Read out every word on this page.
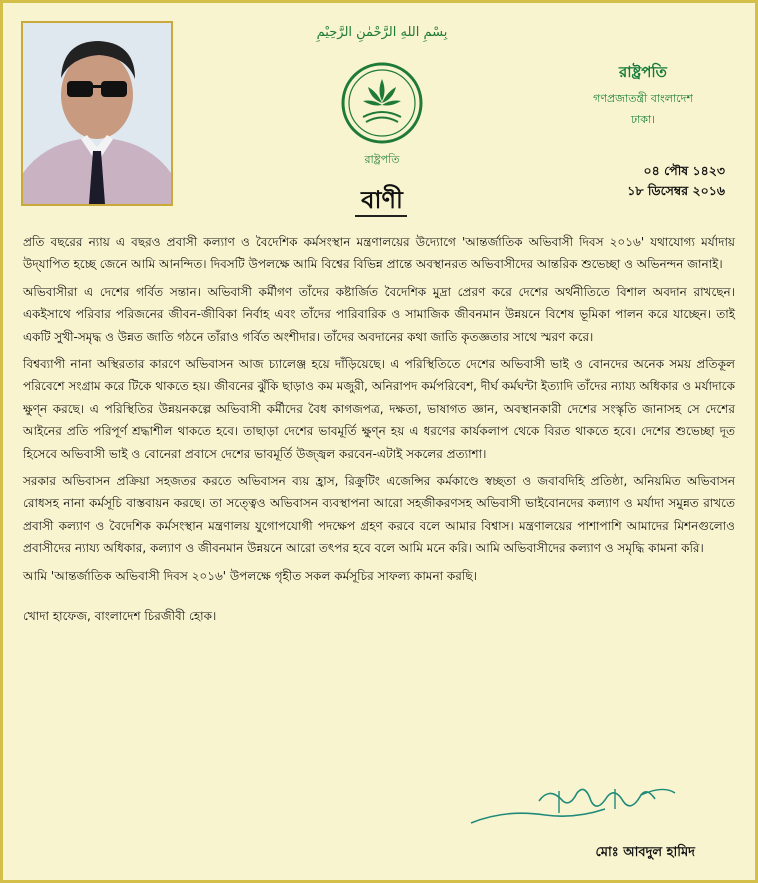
بِسْمِ اللهِ الرَّحْمٰنِ الرَّحِيْمِ
রাষ্ট্রপতি
রাষ্ট্রপতি
গণপ্রজাতন্ত্রী বাংলাদেশ
ঢাকা।
০৪ পৌষ ১৪২৩
১৮ ডিসেম্বর ২০১৬
বাণী

প্রতি বছরের ন্যায় এ বছরও প্রবাসী কল্যাণ ও বৈদেশিক কর্মসংস্থান মন্ত্রণালয়ের উদ্যোগে 'আন্তর্জাতিক অভিবাসী দিবস ২০১৬' যথাযোগ্য মর্যাদায় উদ্‌যাপিত হচ্ছে জেনে আমি আনন্দিত। দিবসটি উপলক্ষে আমি বিশ্বের বিভিন্ন প্রান্তে অবস্থানরত অভিবাসীদের আন্তরিক শুভেচ্ছা ও অভিনন্দন জানাই।

অভিবাসীরা এ দেশের গর্বিত সন্তান। অভিবাসী কর্মীগণ তাঁদের কষ্টার্জিত বৈদেশিক মুদ্রা প্রেরণ করে দেশের অর্থনীতিতে বিশাল অবদান রাখছেন। একইসাথে পরিবার পরিজনের জীবন-জীবিকা নির্বাহ এবং তাঁদের পারিবারিক ও সামাজিক জীবনমান উন্নয়নে বিশেষ ভূমিকা পালন করে যাচ্ছেন। তাই একটি সুখী-সমৃদ্ধ ও উন্নত জাতি গঠনে তাঁরাও গর্বিত অংশীদার। তাঁদের অবদানের কথা জাতি কৃতজ্ঞতার সাথে স্মরণ করে।

বিশ্বব্যাপী নানা অস্থিরতার কারণে অভিবাসন আজ চ্যালেঞ্জ হয়ে দাঁড়িয়েছে। এ পরিস্থিতিতে দেশের অভিবাসী ভাই ও বোনদের অনেক সময় প্রতিকূল পরিবেশে সংগ্রাম করে টিকে থাকতে হয়। জীবনের ঝুঁকি ছাড়াও কম মজুরী, অনিরাপদ কর্মপরিবেশ, দীর্ঘ কর্মঘন্টা ইত্যাদি তাঁদের ন্যায্য অধিকার ও মর্যাদাকে ক্ষুণ্ন করছে। এ পরিস্থিতির উন্নয়নকল্পে অভিবাসী কর্মীদের বৈধ কাগজপত্র, দক্ষতা, ভাষাগত জ্ঞান, অবস্থানকারী দেশের সংস্কৃতি জানাসহ সে দেশের আইনের প্রতি পরিপূর্ণ শ্রদ্ধাশীল থাকতে হবে। তাছাড়া দেশের ভাবমূর্তি ক্ষুণ্ন হয় এ ধরণের কার্যকলাপ থেকে বিরত থাকতে হবে। দেশের শুভেচ্ছা দূত হিসেবে অভিবাসী ভাই ও বোনেরা প্রবাসে দেশের ভাবমূর্তি উজ্জ্বল করবেন-এটাই সকলের প্রত্যাশা।

সরকার অভিবাসন প্রক্রিয়া সহজতর করতে অভিবাসন ব্যয় হ্রাস, রিক্রুটিং এজেন্সির কর্মকাণ্ডে স্বচ্ছতা ও জবাবদিহি প্রতিষ্ঠা, অনিয়মিত অভিবাসন রোধসহ নানা কর্মসূচি বাস্তবায়ন করছে। তা সত্ত্বেও অভিবাসন ব্যবস্থাপনা আরো সহজীকরণসহ অভিবাসী ভাইবোনদের কল্যাণ ও মর্যাদা সমুন্নত রাখতে প্রবাসী কল্যাণ ও বৈদেশিক কর্মসংস্থান মন্ত্রণালয় যুগোপযোগী পদক্ষেপ গ্রহণ করবে বলে আমার বিশ্বাস। মন্ত্রণালয়ের পাশাপাশি আমাদের মিশনগুলোও প্রবাসীদের ন্যায্য অধিকার, কল্যাণ ও জীবনমান উন্নয়নে আরো তৎপর হবে বলে আমি মনে করি। আমি অভিবাসীদের কল্যাণ ও সমৃদ্ধি কামনা করি।

আমি 'আন্তর্জাতিক অভিবাসী দিবস ২০১৬' উপলক্ষে গৃহীত সকল কর্মসূচির সাফল্য কামনা করছি।

খোদা হাফেজ, বাংলাদেশ চিরজীবী হোক।

মোঃ আবদুল হামিদ
